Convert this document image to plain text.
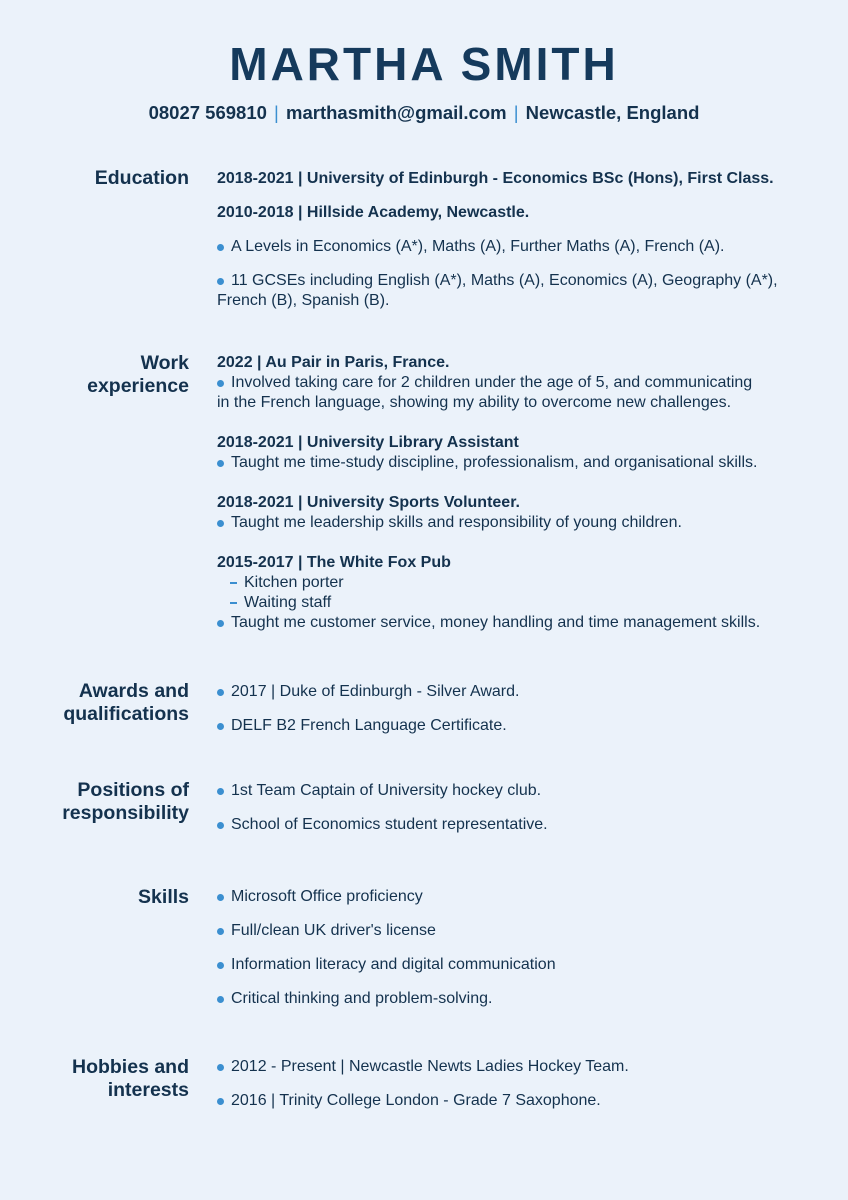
MARTHA SMITH
08027 569810 | marthasmith@gmail.com | Newcastle, England
Education 2018-2021 | University of Edinburgh - Economics BSc (Hons), First Class.
2010-2018 | Hillside Academy, Newcastle.
A Levels in Economics (A*), Maths (A), Further Maths (A), French (A).
11 GCSEs including English (A*), Maths (A), Economics (A), Geography (A*),
French (B), Spanish (B).
Work
experience
2022 | Au Pair in Paris, France.
Involved taking care for 2 children under the age of 5, and communicating
in the French language, showing my ability to overcome new challenges.
2018-2021 | University Library Assistant
Taught me time-study discipline, professionalism, and organisational skills.
2018-2021 | University Sports Volunteer.
Taught me leadership skills and responsibility of young children.
2015-2017 | The White Fox Pub
Kitchen porter
Waiting staff
Taught me customer service, money handling and time management skills.
Awards and
qualifications
2017 | Duke of Edinburgh - Silver Award.
DELF B2 French Language Certificate.
Positions of
responsibility
1st Team Captain of University hockey club.
School of Economics student representative.
Skills	Microsoft Office proficiency
Full/clean UK driver's license
Information literacy and digital communication
Critical thinking and problem-solving.
Hobbies and
interests
2012 - Present | Newcastle Newts Ladies Hockey Team.
2016 | Trinity College London - Grade 7 Saxophone.
